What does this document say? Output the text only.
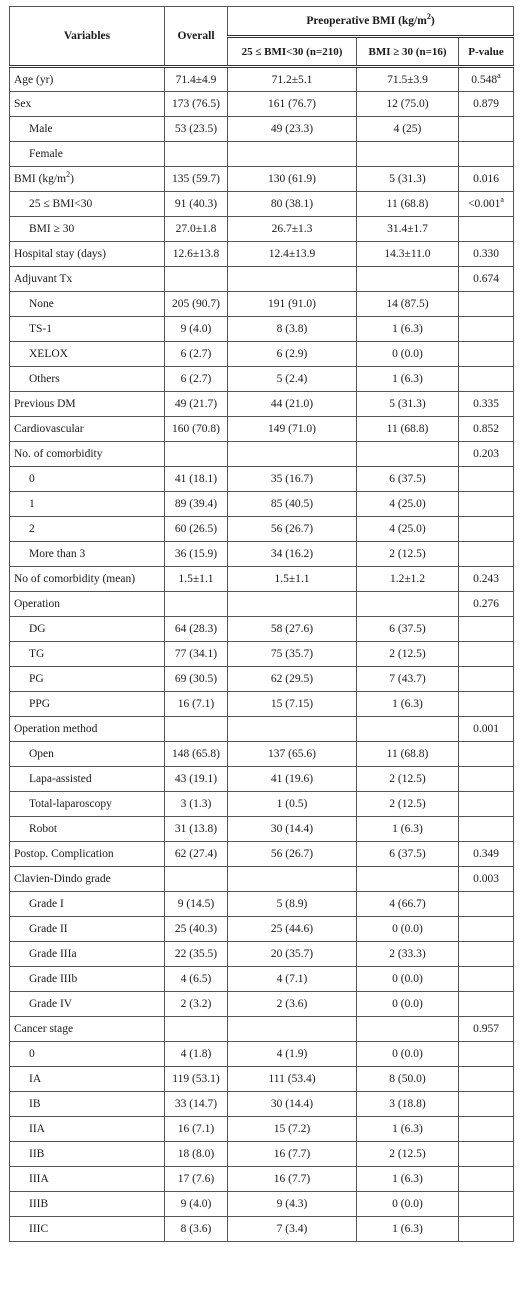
Variables	Overall	Preoperative BMI $(kg/m^2)$		
		25 ≤ BMI<30 (n=210)	BMI ≥ 30 (n=16)	P-value
Age (yr)	71.4±4.9	71.2±5.1	71.5±3.9	0.548$^a$
Sex	173 (76.5)	161 (76.7)	12 (75.0)	0.879
Male	53 (23.5)	49 (23.3)	4 (25)	
Female				
BMI $(kg/m^2)$	135 (59.7)	130 (61.9)	5 (31.3)	0.016
25 ≤ BMI<30	91 (40.3)	80 (38.1)	11 (68.8)	<0.001$^a$
BMI ≥ 30	27.0±1.8	26.7±1.3	31.4±1.7	
Hospital stay (days)	12.6±13.8	12.4±13.9	14.3±11.0	0.330
Adjuvant Tx				0.674
None	205 (90.7)	191 (91.0)	14 (87.5)	
TS-1	9 (4.0)	8 (3.8)	1 (6.3)	
XELOX	6 (2.7)	6 (2.9)	0 (0.0)	
Others	6 (2.7)	5 (2.4)	1 (6.3)	
Previous DM	49 (21.7)	44 (21.0)	5 (31.3)	0.335
Cardiovascular	160 (70.8)	149 (71.0)	11 (68.8)	0.852
No. of comorbidity				0.203
0	41 (18.1)	35 (16.7)	6 (37.5)	
1	89 (39.4)	85 (40.5)	4 (25.0)	
2	60 (26.5)	56 (26.7)	4 (25.0)	
More than 3	36 (15.9)	34 (16.2)	2 (12.5)	
No of comorbidity (mean)	1.5±1.1	1.5±1.1	1.2±1.2	0.243
Operation				0.276
DG	64 (28.3)	58 (27.6)	6 (37.5)	
TG	77 (34.1)	75 (35.7)	2 (12.5)	
PG	69 (30.5)	62 (29.5)	7 (43.7)	
PPG	16 (7.1)	15 (7.15)	1 (6.3)	
Operation method				0.001
Open	148 (65.8)	137 (65.6)	11 (68.8)	
Lapa-assisted	43 (19.1)	41 (19.6)	2 (12.5)	
Total-laparoscopy	3 (1.3)	1 (0.5)	2 (12.5)	
Robot	31 (13.8)	30 (14.4)	1 (6.3)	
Postop. Complication	62 (27.4)	56 (26.7)	6 (37.5)	0.349
Clavien-Dindo grade				0.003
Grade I	9 (14.5)	5 (8.9)	4 (66.7)	
Grade II	25 (40.3)	25 (44.6)	0 (0.0)	
Grade IIIa	22 (35.5)	20 (35.7)	2 (33.3)	
Grade IIIb	4 (6.5)	4 (7.1)	0 (0.0)	
Grade IV	2 (3.2)	2 (3.6)	0 (0.0)	
Cancer stage				0.957
0	4 (1.8)	4 (1.9)	0 (0.0)	
IA	119 (53.1)	111 (53.4)	8 (50.0)	
IB	33 (14.7)	30 (14.4)	3 (18.8)	
IIA	16 (7.1)	15 (7.2)	1 (6.3)	
IIB	18 (8.0)	16 (7.7)	2 (12.5)	
IIIA	17 (7.6)	16 (7.7)	1 (6.3)	
IIIB	9 (4.0)	9 (4.3)	0 (0.0)	
IIIC	8 (3.6)	7 (3.4)	1 (6.3)	
